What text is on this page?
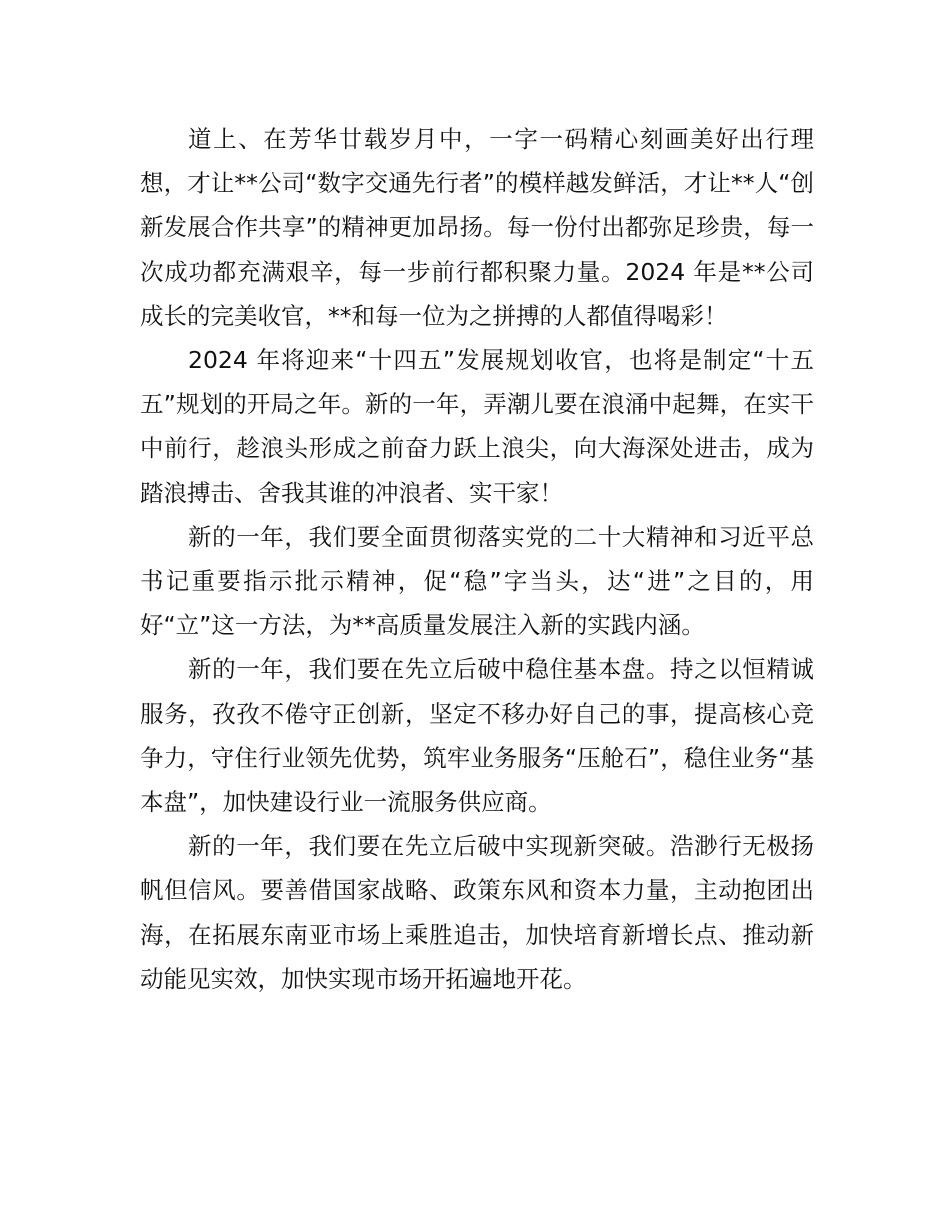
道上、在芳华廿载岁月中，一字一码精心刻画美好出行理想，才让**公司“数字交通先行者”的模样越发鲜活，才让**人“创新发展合作共享”的精神更加昂扬。每一份付出都弥足珍贵，每一次成功都充满艰辛，每一步前行都积聚力量。2024 年是**公司成长的完美收官，**和每一位为之拼搏的人都值得喝彩！

2024 年将迎来“十四五”发展规划收官，也将是制定“十五五”规划的开局之年。新的一年，弄潮儿要在浪涌中起舞，在实干中前行，趁浪头形成之前奋力跃上浪尖，向大海深处进击，成为踏浪搏击、舍我其谁的冲浪者、实干家！

新的一年，我们要全面贯彻落实党的二十大精神和习近平总书记重要指示批示精神，促“稳”字当头，达“进”之目的，用好“立”这一方法，为**高质量发展注入新的实践内涵。

新的一年，我们要在先立后破中稳住基本盘。持之以恒精诚服务，孜孜不倦守正创新，坚定不移办好自己的事，提高核心竞争力，守住行业领先优势，筑牢业务服务“压舱石”，稳住业务“基本盘”，加快建设行业一流服务供应商。

新的一年，我们要在先立后破中实现新突破。浩渺行无极扬帆但信风。要善借国家战略、政策东风和资本力量，主动抱团出海，在拓展东南亚市场上乘胜追击，加快培育新增长点、推动新动能见实效，加快实现市场开拓遍地开花。
